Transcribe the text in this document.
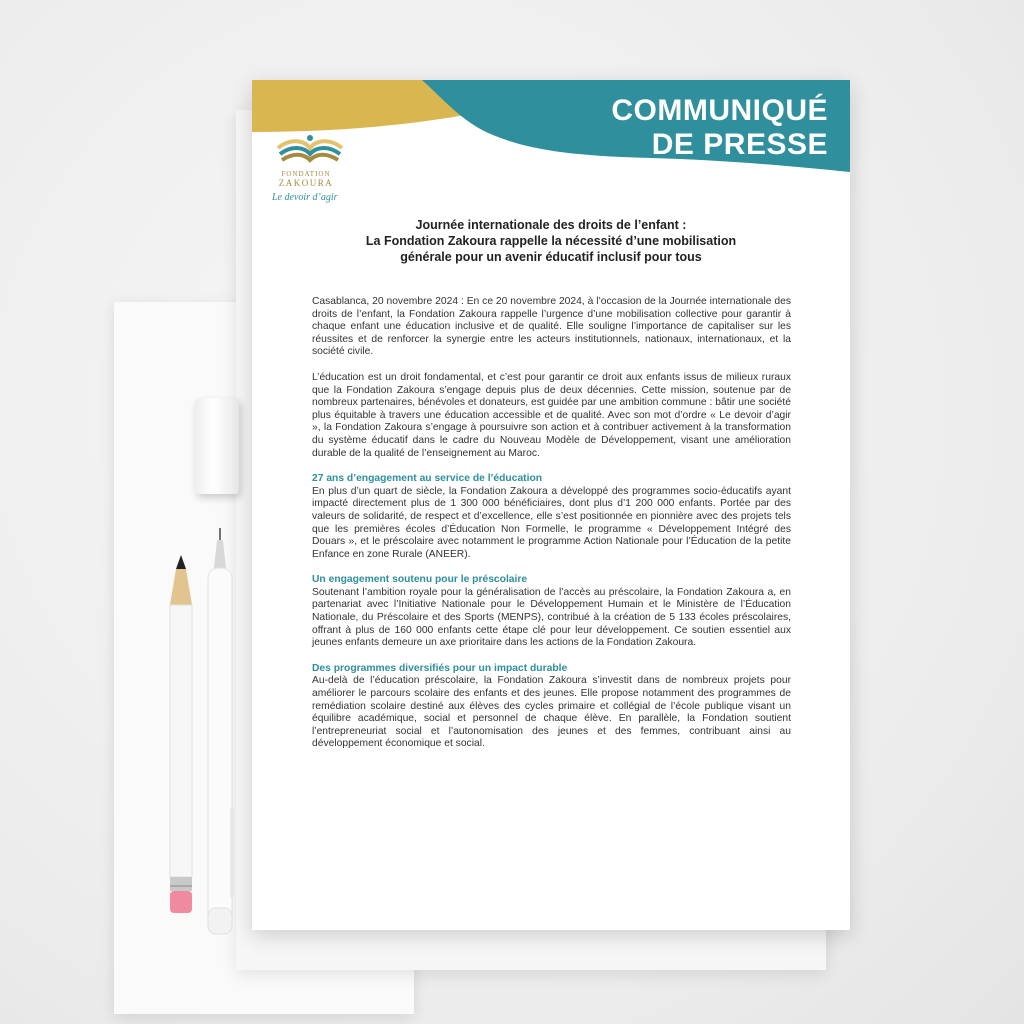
COMMUNIQUÉ
DE PRESSE
FONDATION
ZAKOURA
Le devoir d’agir
Journée internationale des droits de l’enfant :
La Fondation Zakoura rappelle la nécessité d’une mobilisation
générale pour un avenir éducatif inclusif pour tous

Casablanca, 20 novembre 2024 : En ce 20 novembre 2024, à l’occasion de la Journée internationale des droits de l’enfant, la Fondation Zakoura rappelle l’urgence d’une mobilisation collective pour garantir à chaque enfant une éducation inclusive et de qualité. Elle souligne l’importance de capitaliser sur les réussites et de renforcer la synergie entre les acteurs institutionnels, nationaux, internationaux, et la société civile.

L’éducation est un droit fondamental, et c’est pour garantir ce droit aux enfants issus de milieux ruraux que la Fondation Zakoura s’engage depuis plus de deux décennies. Cette mission, soutenue par de nombreux partenaires, bénévoles et donateurs, est guidée par une ambition commune : bâtir une société plus équitable à travers une éducation accessible et de qualité. Avec son mot d’ordre « Le devoir d’agir », la Fondation Zakoura s’engage à poursuivre son action et à contribuer activement à la transformation du système éducatif dans le cadre du Nouveau Modèle de Développement, visant une amélioration durable de la qualité de l’enseignement au Maroc.

27 ans d’engagement au service de l’éducation

En plus d’un quart de siècle, la Fondation Zakoura a développé des programmes socio-éducatifs ayant impacté directement plus de 1 300 000 bénéficiaires, dont plus d’1 200 000 enfants. Portée par des valeurs de solidarité, de respect et d’excellence, elle s’est positionnée en pionnière avec des projets tels que les premières écoles d’Éducation Non Formelle, le programme « Développement Intégré des Douars », et le préscolaire avec notamment le programme Action Nationale pour l’Éducation de la petite Enfance en zone Rurale (ANEER).

Un engagement soutenu pour le préscolaire

Soutenant l’ambition royale pour la généralisation de l’accès au préscolaire, la Fondation Zakoura a, en partenariat avec l’Initiative Nationale pour le Développement Humain et le Ministère de l’Éducation Nationale, du Préscolaire et des Sports (MENPS), contribué à la création de 5 133 écoles préscolaires, offrant à plus de 160 000 enfants cette étape clé pour leur développement. Ce soutien essentiel aux jeunes enfants demeure un axe prioritaire dans les actions de la Fondation Zakoura.

Des programmes diversifiés pour un impact durable

Au-delà de l’éducation préscolaire, la Fondation Zakoura s’investit dans de nombreux projets pour améliorer le parcours scolaire des enfants et des jeunes. Elle propose notamment des programmes de remédiation scolaire destiné aux élèves des cycles primaire et collégial de l’école publique visant un équilibre académique, social et personnel de chaque élève. En parallèle, la Fondation soutient l’entrepreneuriat social et l’autonomisation des jeunes et des femmes, contribuant ainsi au développement économique et social.
